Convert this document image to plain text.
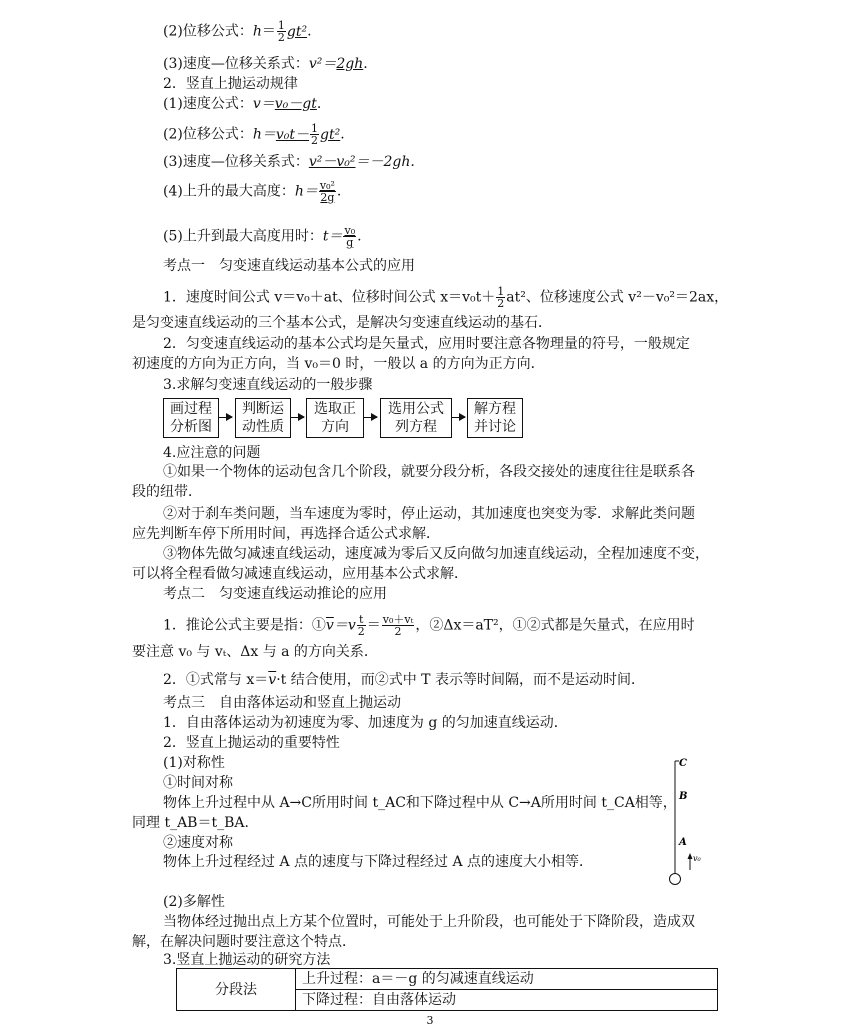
(2)位移公式：$h= \frac{1}{2} gt^2$.
(3)速度—位移关系式：v²＝2gh.
2．竖直上抛运动规律
(1)速度公式：v＝v₀－gt.
(2)位移公式：$h=v_0t- \frac{1}{2} gt^2$.
(3)速度—位移关系式：v²－v₀²＝－2gh.
(4)上升的最大高度：$h= \frac{\text{v₀²}}{2g}$ .
(5)上升到最大高度用时：$t= \frac{\text{v₀}}{g}$ .
考点一　匀变速直线运动基本公式的应用
1．速度时间公式 v＝v₀＋at、位移时间公式 $x=v_0t+ \frac{1}{2} at^2$、位移速度公式 v²－v₀²＝2ax，
是匀变速直线运动的三个基本公式，是解决匀变速直线运动的基石．
2．匀变速直线运动的基本公式均是矢量式，应用时要注意各物理量的符号，一般规定
初速度的方向为正方向，当 v₀＝0 时，一般以 a 的方向为正方向．
3.求解匀变速直线运动的一般步骤
画过程
分析图
判断运
动性质
选取正
方向
选用公式
列方程
解方程
并讨论
4.应注意的问题
①如果一个物体的运动包含几个阶段，就要分段分析，各段交接处的速度往往是联系各
段的纽带．
②对于刹车类问题，当车速度为零时，停止运动，其加速度也突变为零．求解此类问题
应先判断车停下所用时间，再选择合适公式求解．
③物体先做匀减速直线运动，速度减为零后又反向做匀加速直线运动，全程加速度不变，
可以将全程看做匀减速直线运动，应用基本公式求解．
考点二　匀变速直线运动推论的应用
1．推论公式主要是指：$①\overline{v}=v \frac{t}{2} = \frac{\text{v₀＋vₜ}}{2}$ ，②Δx＝aT²，①②式都是矢量式，在应用时
要注意 v₀ 与 vₜ、Δx 与 a 的方向关系．
2．①式常与 $x=\overline{v}\cdot t$ 结合使用，而②式中 T 表示等时间隔，而不是运动时间．
考点三　自由落体运动和竖直上抛运动
1．自由落体运动为初速度为零、加速度为 g 的匀加速直线运动．
2．竖直上抛运动的重要特性
(1)对称性
①时间对称
物体上升过程中从 A→C所用时间 t_AC和下降过程中从 C→A所用时间 t_CA相等，
同理 t_AB＝t_BA.
②速度对称
物体上升过程经过 A 点的速度与下降过程经过 A 点的速度大小相等．
C
B
A
v₀
(2)多解性
当物体经过抛出点上方某个位置时，可能处于上升阶段，也可能处于下降阶段，造成双
解，在解决问题时要注意这个特点．
3.竖直上抛运动的研究方法
分段法	上升过程：a＝－g 的匀减速直线运动
下降过程：自由落体运动
3
